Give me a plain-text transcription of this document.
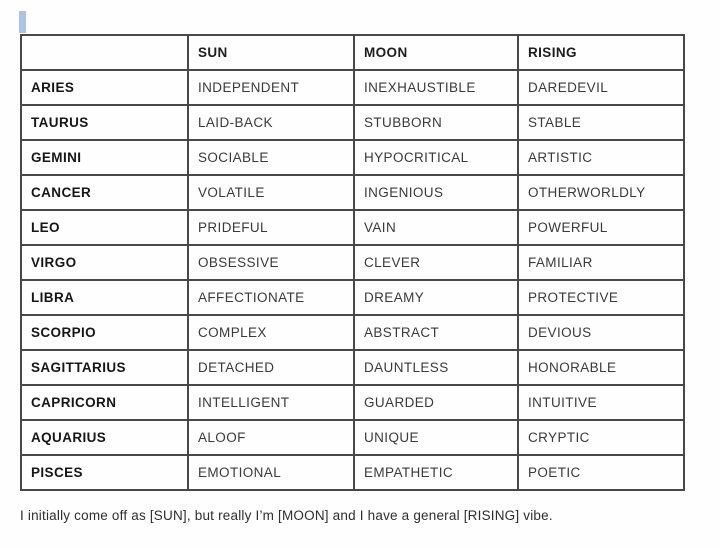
	SUN	MOON	RISING
ARIES	INDEPENDENT	INEXHAUSTIBLE	DAREDEVIL
TAURUS	LAID-BACK	STUBBORN	STABLE
GEMINI	SOCIABLE	HYPOCRITICAL	ARTISTIC
CANCER	VOLATILE	INGENIOUS	OTHERWORLDLY
LEO	PRIDEFUL	VAIN	POWERFUL
VIRGO	OBSESSIVE	CLEVER	FAMILIAR
LIBRA	AFFECTIONATE	DREAMY	PROTECTIVE
SCORPIO	COMPLEX	ABSTRACT	DEVIOUS
SAGITTARIUS	DETACHED	DAUNTLESS	HONORABLE
CAPRICORN	INTELLIGENT	GUARDED	INTUITIVE
AQUARIUS	ALOOF	UNIQUE	CRYPTIC
PISCES	EMOTIONAL	EMPATHETIC	POETIC

I initially come off as [SUN], but really I’m [MOON] and I have a general [RISING] vibe.
